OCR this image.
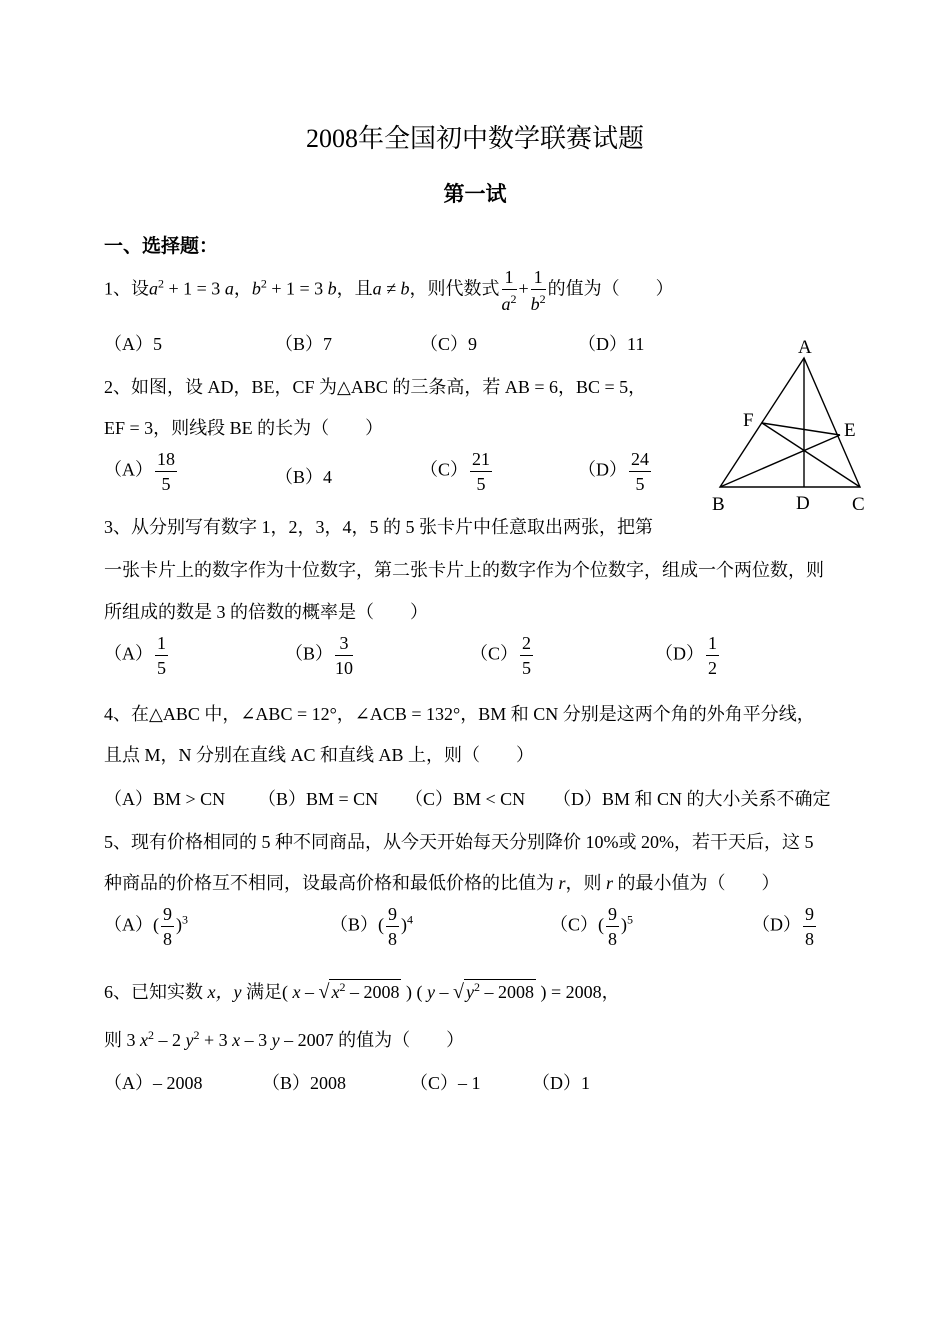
2008年全国初中数学联赛试题
第一试
一、选择题：
1、设$a^2 + 1 = 3$ a，$b^2 + 1 = 3$ b，且a ≠ b，则代数式 $\frac{1}{a^2} + \frac{1}{b^2}$ 的值为（　　）
（A）5	（B）7	（C）9	（D）11
2、如图，设 AD，BE，CF 为△ABC 的三条高，若 AB = 6，BC = 5，
EF = 3，则线段 BE 的长为（　　）
$(A) \frac{18}{5}$	（B）4	$(C) \frac{21}{5}$	$(D) \frac{24}{5}$
A
B	C
D
E
F
3、从分别写有数字 1，2，3，4，5 的 5 张卡片中任意取出两张，把第
一张卡片上的数字作为十位数字，第二张卡片上的数字作为个位数字，组成一个两位数，则
所组成的数是 3 的倍数的概率是（　　）
$(A) \frac{1}{5}$	$(B) \frac{3}{10}$	$(C) \frac{2}{5}$	$(D) \frac{1}{2}$
4、在△ABC 中，∠ABC = 12°，∠ACB = 132°，BM 和 CN 分别是这两个角的外角平分线，
且点 M，N 分别在直线 AC 和直线 AB 上，则（　　）
（A）BM > CN （B）BM = CN （C）BM < CN （D）BM 和 CN 的大小关系不确定
5、现有价格相同的 5 种不同商品，从今天开始每天分别降价 10%或 20%，若干天后，这 5
种商品的价格互不相同，设最高价格和最低价格的比值为 r，则 r 的最小值为（　　）
$(A)( \frac{9}{8} )^3$	$(B)( \frac{9}{8} )^4$	$(C)( \frac{9}{8} )^5$	$(D) \frac{9}{8}$
6、已知实数 x，y 满足( x – √ $x^2 - 2008$ ) ( y – √ $y^2 - 2008$ ) = 2008，
则 3 $x^2 - 2$ $y^2 + 3$ x – 3 y – 2007 的值为（　　）
（A）– 2008	（B）2008	（C）– 1	（D）1
